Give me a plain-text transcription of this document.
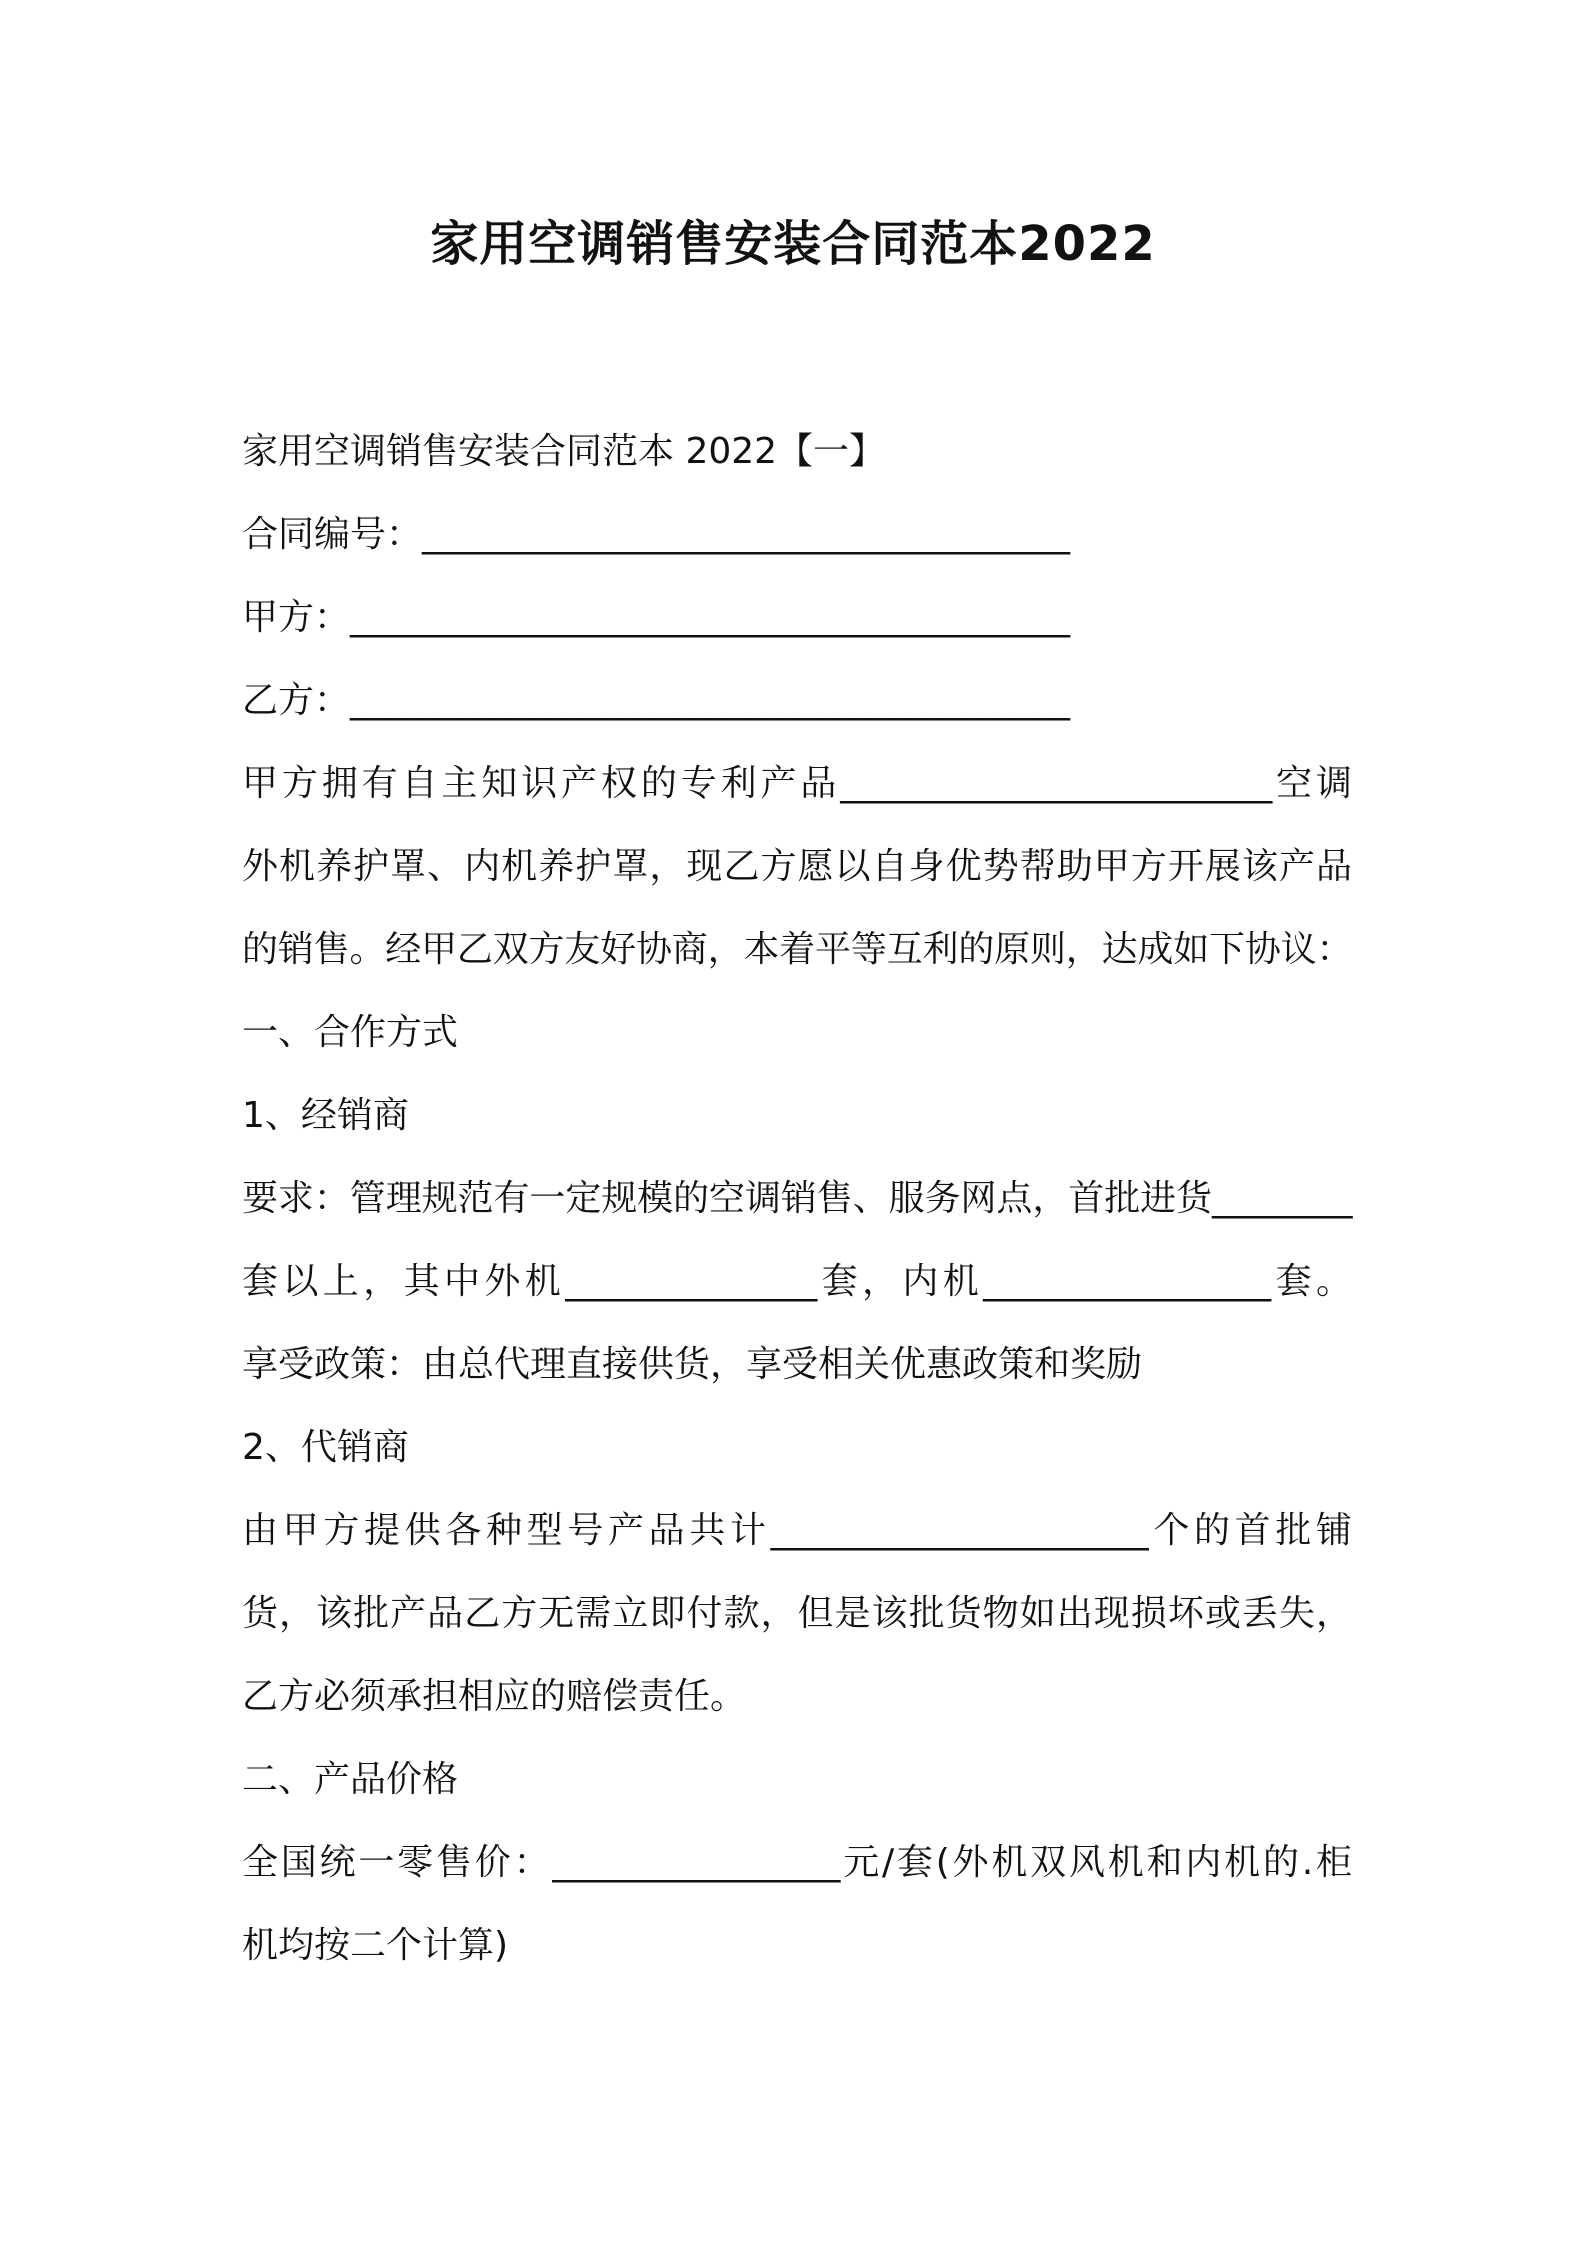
家用空调销售安装合同范本2022
家用空调销售安装合同范本 2022【一】
合同编号：____________________________________
甲方：________________________________________
乙方：________________________________________
甲方拥有自主知识产权的专利产品________________________空调
外机养护罩、内机养护罩，现乙方愿以自身优势帮助甲方开展该产品
的销售。经甲乙双方友好协商，本着平等互利的原则，达成如下协议：
一、合作方式
1、经销商
要求：管理规范有一定规模的空调销售、服务网点，首批进货________
套以上，其中外机______________套，内机________________套。
享受政策：由总代理直接供货，享受相关优惠政策和奖励
2、代销商
由甲方提供各种型号产品共计_____________________个的首批铺
货，该批产品乙方无需立即付款，但是该批货物如出现损坏或丢失，
乙方必须承担相应的赔偿责任。
二、产品价格
全国统一零售价：________________元/套(外机双风机和内机的.柜
机均按二个计算)
